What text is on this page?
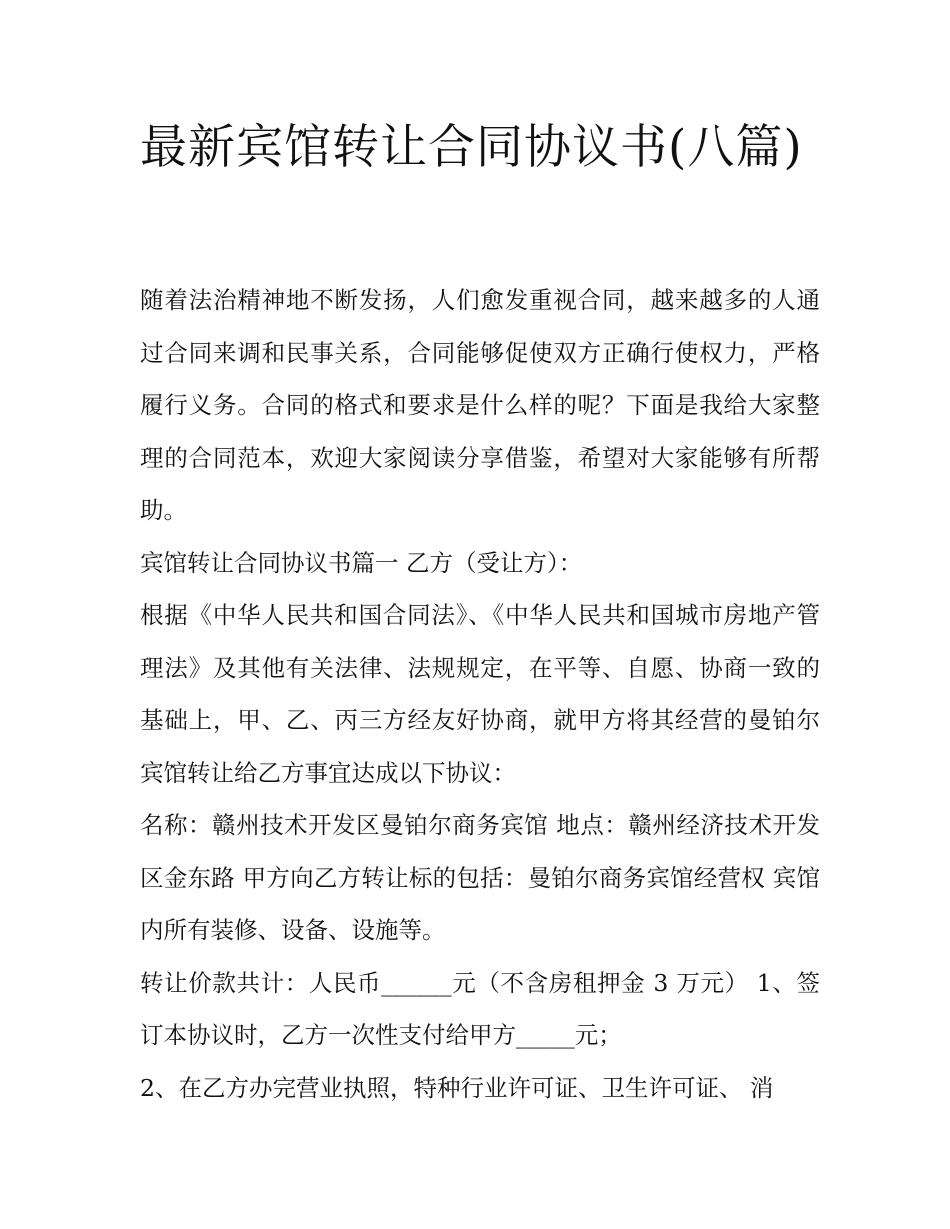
最新宾馆转让合同协议书(八篇)

随着法治精神地不断发扬，人们愈发重视合同，越来越多的人通过合同来调和民事关系，合同能够促使双方正确行使权力，严格履行义务。合同的格式和要求是什么样的呢？下面是我给大家整理的合同范本，欢迎大家阅读分享借鉴，希望对大家能够有所帮助。

宾馆转让合同协议书篇一 乙方（受让方）：

根据《中华人民共和国合同法》、《中华人民共和国城市房地产管理法》及其他有关法律、法规规定，在平等、自愿、协商一致的基础上，甲、乙、丙三方经友好协商，就甲方将其经营的曼铂尔宾馆转让给乙方事宜达成以下协议：

名称：赣州技术开发区曼铂尔商务宾馆 地点：赣州经济技术开发区金东路 甲方向乙方转让标的包括：曼铂尔商务宾馆经营权 宾馆内所有装修、设备、设施等。

转让价款共计：人民币______元（不含房租押金 3 万元） 1、签订本协议时，乙方一次性支付给甲方_____元；

2、在乙方办完营业执照，特种行业许可证、卫生许可证、 消
